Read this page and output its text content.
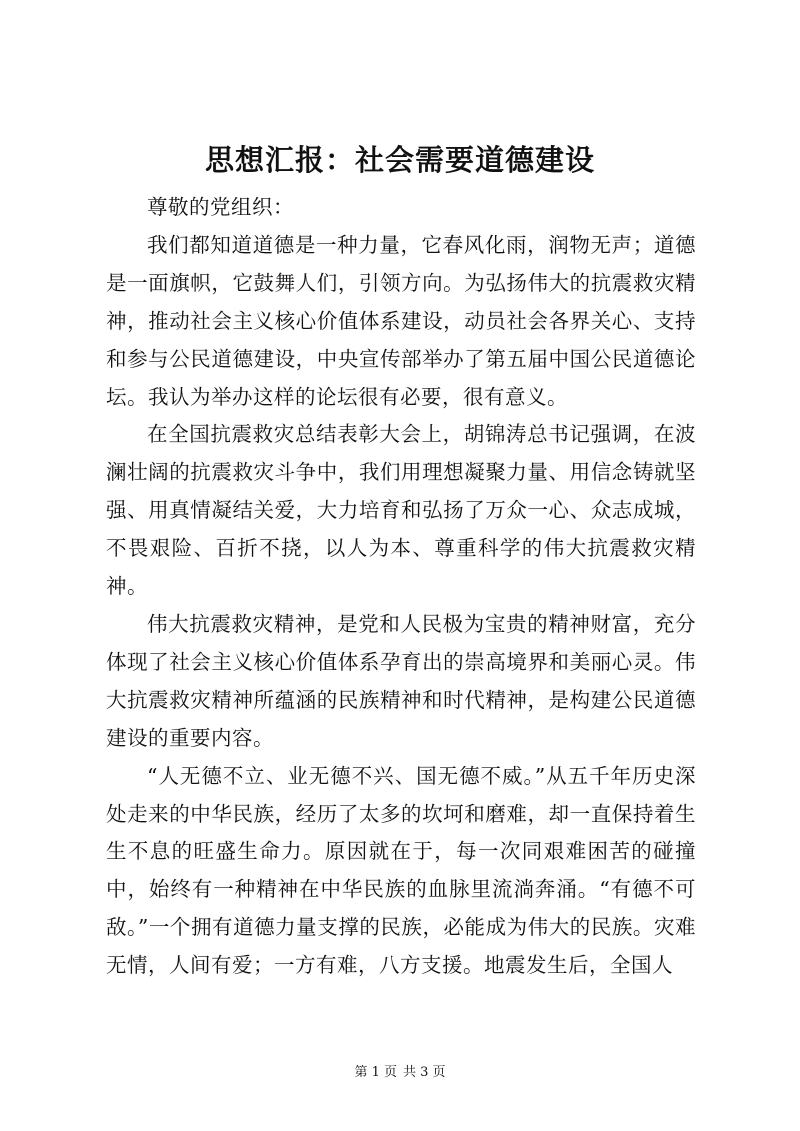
思想汇报：社会需要道德建设

尊敬的党组织：

我们都知道道德是一种力量，它春风化雨，润物无声；道德是一面旗帜，它鼓舞人们，引领方向。为弘扬伟大的抗震救灾精神，推动社会主义核心价值体系建设，动员社会各界关心、支持和参与公民道德建设，中央宣传部举办了第五届中国公民道德论坛。我认为举办这样的论坛很有必要，很有意义。

在全国抗震救灾总结表彰大会上，胡锦涛总书记强调，在波澜壮阔的抗震救灾斗争中，我们用理想凝聚力量、用信念铸就坚强、用真情凝结关爱，大力培育和弘扬了万众一心、众志成城，不畏艰险、百折不挠，以人为本、尊重科学的伟大抗震救灾精神。

伟大抗震救灾精神，是党和人民极为宝贵的精神财富，充分体现了社会主义核心价值体系孕育出的崇高境界和美丽心灵。伟大抗震救灾精神所蕴涵的民族精神和时代精神，是构建公民道德建设的重要内容。

“人无德不立、业无德不兴、国无德不威。”从五千年历史深处走来的中华民族，经历了太多的坎坷和磨难，却一直保持着生生不息的旺盛生命力。原因就在于，每一次同艰难困苦的碰撞中，始终有一种精神在中华民族的血脉里流淌奔涌。“有德不可敌。”一个拥有道德力量支撑的民族，必能成为伟大的民族。灾难无情，人间有爱；一方有难，八方支援。地震发生后，全国人

第 1 页 共 3 页
